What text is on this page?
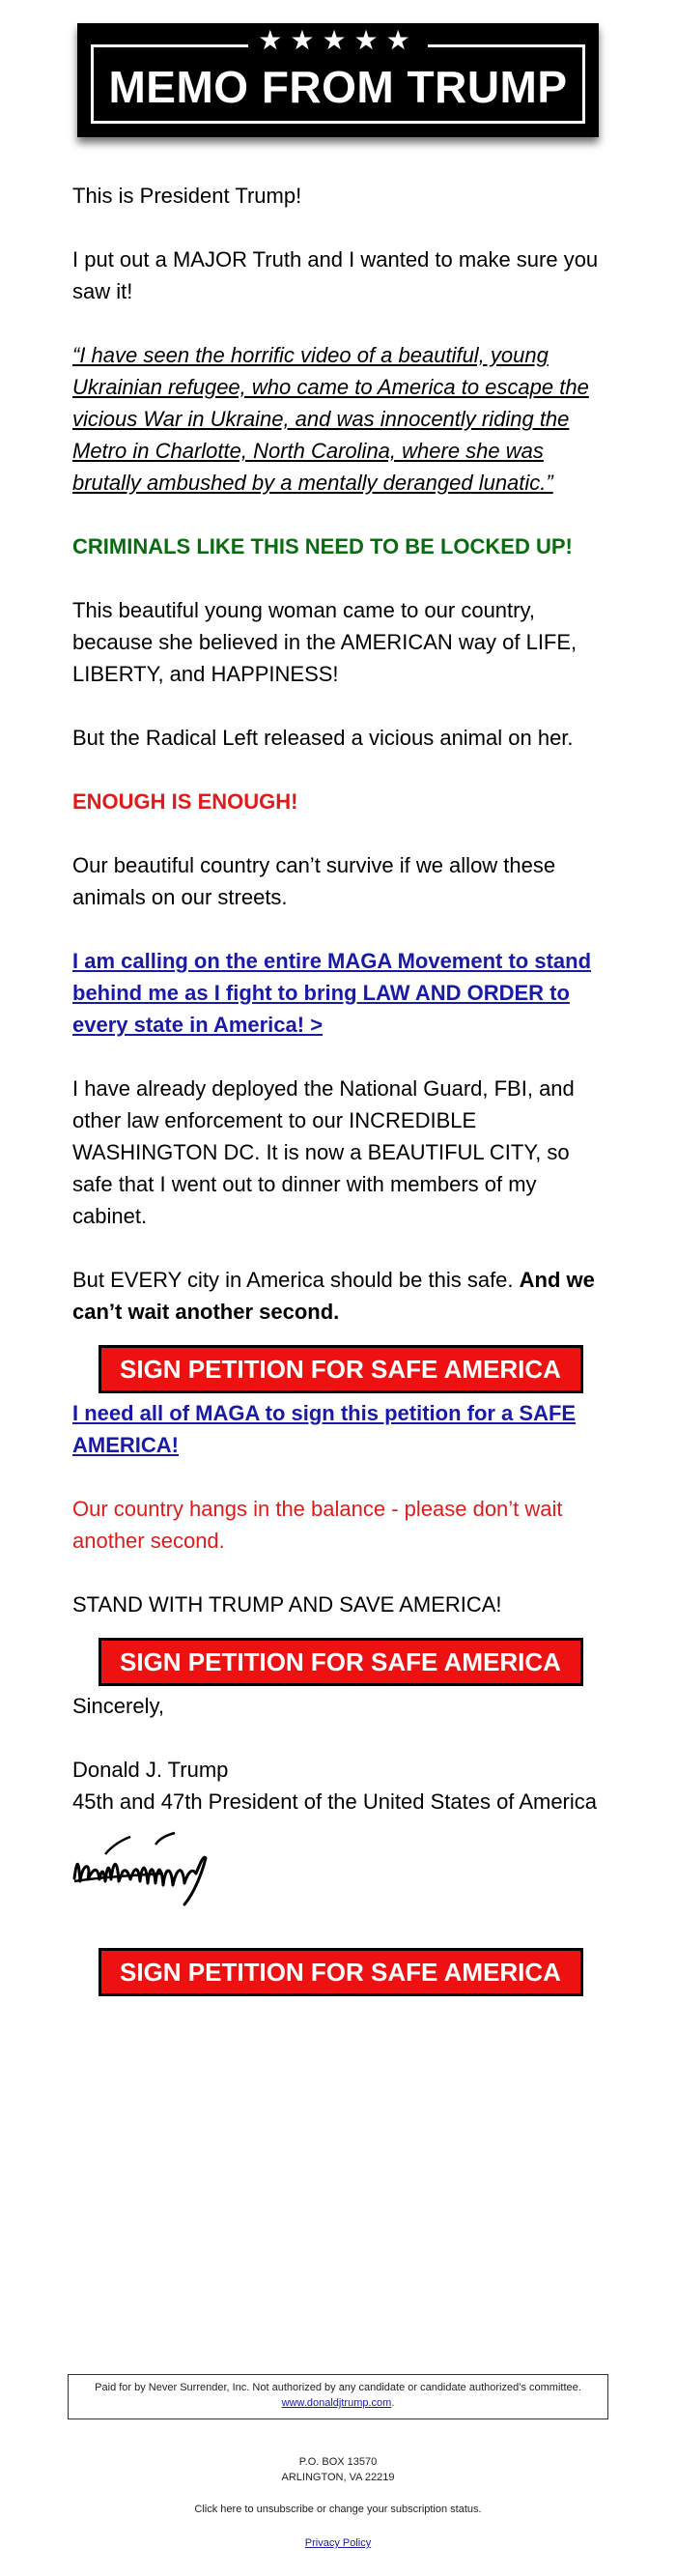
★★★★★
MEMO FROM TRUMP

This is President Trump!

I put out a MAJOR Truth and I wanted to make sure you saw it!

“I have seen the horrific video of a beautiful, young Ukrainian refugee, who came to America to escape the vicious War in Ukraine, and was innocently riding the Metro in Charlotte, North Carolina, where she was brutally ambushed by a mentally deranged lunatic.”

CRIMINALS LIKE THIS NEED TO BE LOCKED UP!

This beautiful young woman came to our country, because she believed in the AMERICAN way of LIFE, LIBERTY, and HAPPINESS!

But the Radical Left released a vicious animal on her.

ENOUGH IS ENOUGH!

Our beautiful country can’t survive if we allow these animals on our streets.

I am calling on the entire MAGA Movement to stand behind me as I fight to bring LAW AND ORDER to every state in America! >

I have already deployed the National Guard, FBI, and other law enforcement to our INCREDIBLE WASHINGTON DC. It is now a BEAUTIFUL CITY, so safe that I went out to dinner with members of my cabinet.

But EVERY city in America should be this safe. And we can’t wait another second.

SIGN PETITION FOR SAFE AMERICA

I need all of MAGA to sign this petition for a SAFE AMERICA!

Our country hangs in the balance - please don’t wait another second.

STAND WITH TRUMP AND SAVE AMERICA!

SIGN PETITION FOR SAFE AMERICA

Sincerely,

Donald J. Trump

45th and 47th President of the United States of America

SIGN PETITION FOR SAFE AMERICA
Paid for by Never Surrender, Inc. Not authorized by any candidate or candidate authorized’s committee.
www.donaldjtrump.com.
P.O. BOX 13570
ARLINGTON, VA 22219
Click here to unsubscribe or change your subscription status.
Privacy Policy
